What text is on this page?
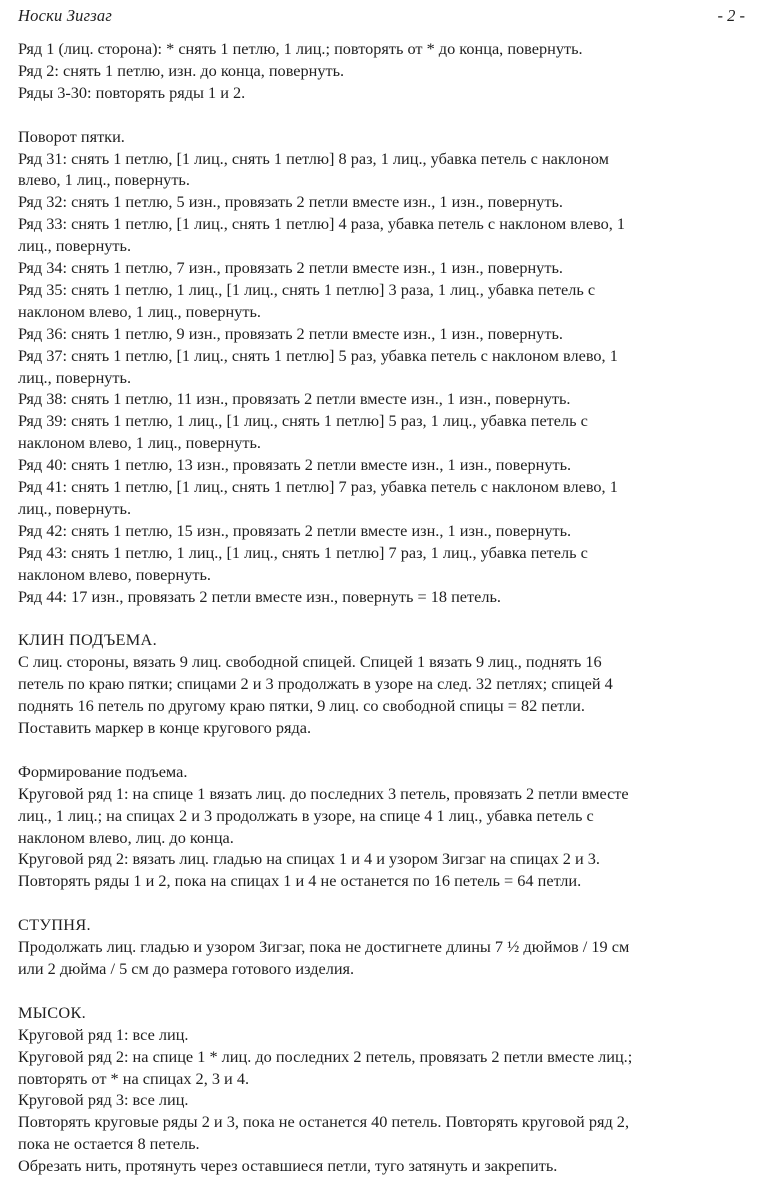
Носки Зигзаг	- 2 -
Ряд 1 (лиц. сторона): * снять 1 петлю, 1 лиц.; повторять от * до конца, повернуть.
Ряд 2: снять 1 петлю, изн. до конца, повернуть.
Ряды 3-30: повторять ряды 1 и 2.
Поворот пятки.
Ряд 31: снять 1 петлю, [1 лиц., снять 1 петлю] 8 раз, 1 лиц., убавка петель с наклоном
влево, 1 лиц., повернуть.
Ряд 32: снять 1 петлю, 5 изн., провязать 2 петли вместе изн., 1 изн., повернуть.
Ряд 33: снять 1 петлю, [1 лиц., снять 1 петлю] 4 раза, убавка петель с наклоном влево, 1
лиц., повернуть.
Ряд 34: снять 1 петлю, 7 изн., провязать 2 петли вместе изн., 1 изн., повернуть.
Ряд 35: снять 1 петлю, 1 лиц., [1 лиц., снять 1 петлю] 3 раза, 1 лиц., убавка петель с
наклоном влево, 1 лиц., повернуть.
Ряд 36: снять 1 петлю, 9 изн., провязать 2 петли вместе изн., 1 изн., повернуть.
Ряд 37: снять 1 петлю, [1 лиц., снять 1 петлю] 5 раз, убавка петель с наклоном влево, 1
лиц., повернуть.
Ряд 38: снять 1 петлю, 11 изн., провязать 2 петли вместе изн., 1 изн., повернуть.
Ряд 39: снять 1 петлю, 1 лиц., [1 лиц., снять 1 петлю] 5 раз, 1 лиц., убавка петель с
наклоном влево, 1 лиц., повернуть.
Ряд 40: снять 1 петлю, 13 изн., провязать 2 петли вместе изн., 1 изн., повернуть.
Ряд 41: снять 1 петлю, [1 лиц., снять 1 петлю] 7 раз, убавка петель с наклоном влево, 1
лиц., повернуть.
Ряд 42: снять 1 петлю, 15 изн., провязать 2 петли вместе изн., 1 изн., повернуть.
Ряд 43: снять 1 петлю, 1 лиц., [1 лиц., снять 1 петлю] 7 раз, 1 лиц., убавка петель с
наклоном влево, повернуть.
Ряд 44: 17 изн., провязать 2 петли вместе изн., повернуть = 18 петель.
КЛИН ПОДЪЕМА.
С лиц. стороны, вязать 9 лиц. свободной спицей. Спицей 1 вязать 9 лиц., поднять 16
петель по краю пятки; спицами 2 и 3 продолжать в узоре на след. 32 петлях; спицей 4
поднять 16 петель по другому краю пятки, 9 лиц. со свободной спицы = 82 петли.
Поставить маркер в конце кругового ряда.
Формирование подъема.
Круговой ряд 1: на спице 1 вязать лиц. до последних 3 петель, провязать 2 петли вместе
лиц., 1 лиц.; на спицах 2 и 3 продолжать в узоре, на спице 4 1 лиц., убавка петель с
наклоном влево, лиц. до конца.
Круговой ряд 2: вязать лиц. гладью на спицах 1 и 4 и узором Зигзаг на спицах 2 и 3.
Повторять ряды 1 и 2, пока на спицах 1 и 4 не останется по 16 петель = 64 петли.
СТУПНЯ.
Продолжать лиц. гладью и узором Зигзаг, пока не достигнете длины 7 ½ дюймов / 19 см
или 2 дюйма / 5 см до размера готового изделия.
МЫСОК.
Круговой ряд 1: все лиц.
Круговой ряд 2: на спице 1 * лиц. до последних 2 петель, провязать 2 петли вместе лиц.;
повторять от * на спицах 2, 3 и 4.
Круговой ряд 3: все лиц.
Повторять круговые ряды 2 и 3, пока не останется 40 петель. Повторять круговой ряд 2,
пока не остается 8 петель.
Обрезать нить, протянуть через оставшиеся петли, туго затянуть и закрепить.
